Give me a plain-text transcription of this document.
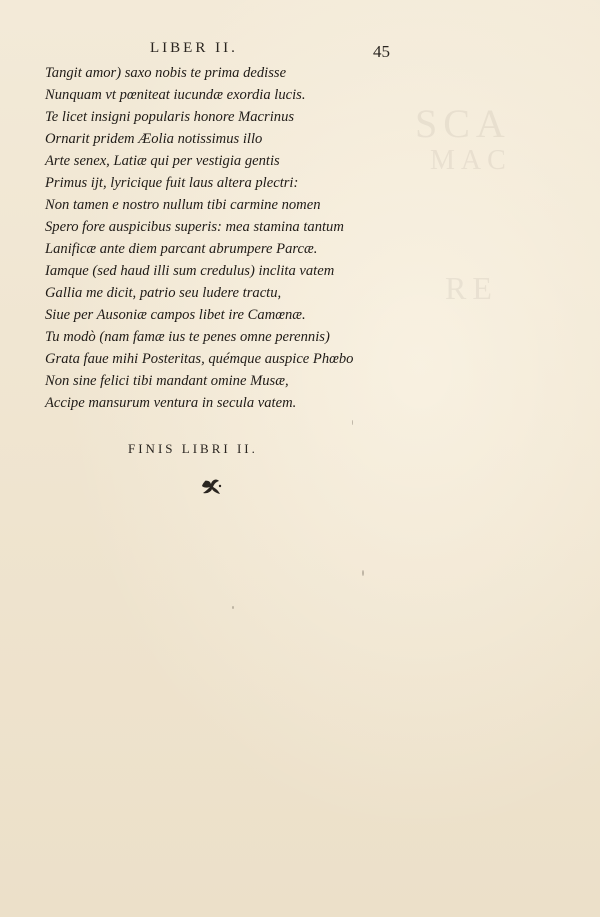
SCA
MAC
RE
LIBER II.	45
Tangit amor) saxo nobis te prima dedisse
Nunquam vt pœniteat iucundæ exordia lucis.
Te licet insigni popularis honore Macrinus
Ornarit pridem Æolia notissimus illo
Arte senex, Latiæ qui per vestigia gentis
Primus ijt, lyricique fuit laus altera plectri:
Non tamen e nostro nullum tibi carmine nomen
Spero fore auspicibus superis: mea stamina tantum
Lanificæ ante diem parcant abrumpere Parcæ.
Iamque (sed haud illi sum credulus) inclita vatem
Gallia me dicit, patrio seu ludere tractu,
Siue per Ausoniæ campos libet ire Camœnæ.
Tu modò (nam famæ ius te penes omne perennis)
Grata faue mihi Posteritas, quémque auspice Phœbo
Non sine felici tibi mandant omine Musæ,
Accipe mansurum ventura in secula vatem.
FINIS LIBRI II.
